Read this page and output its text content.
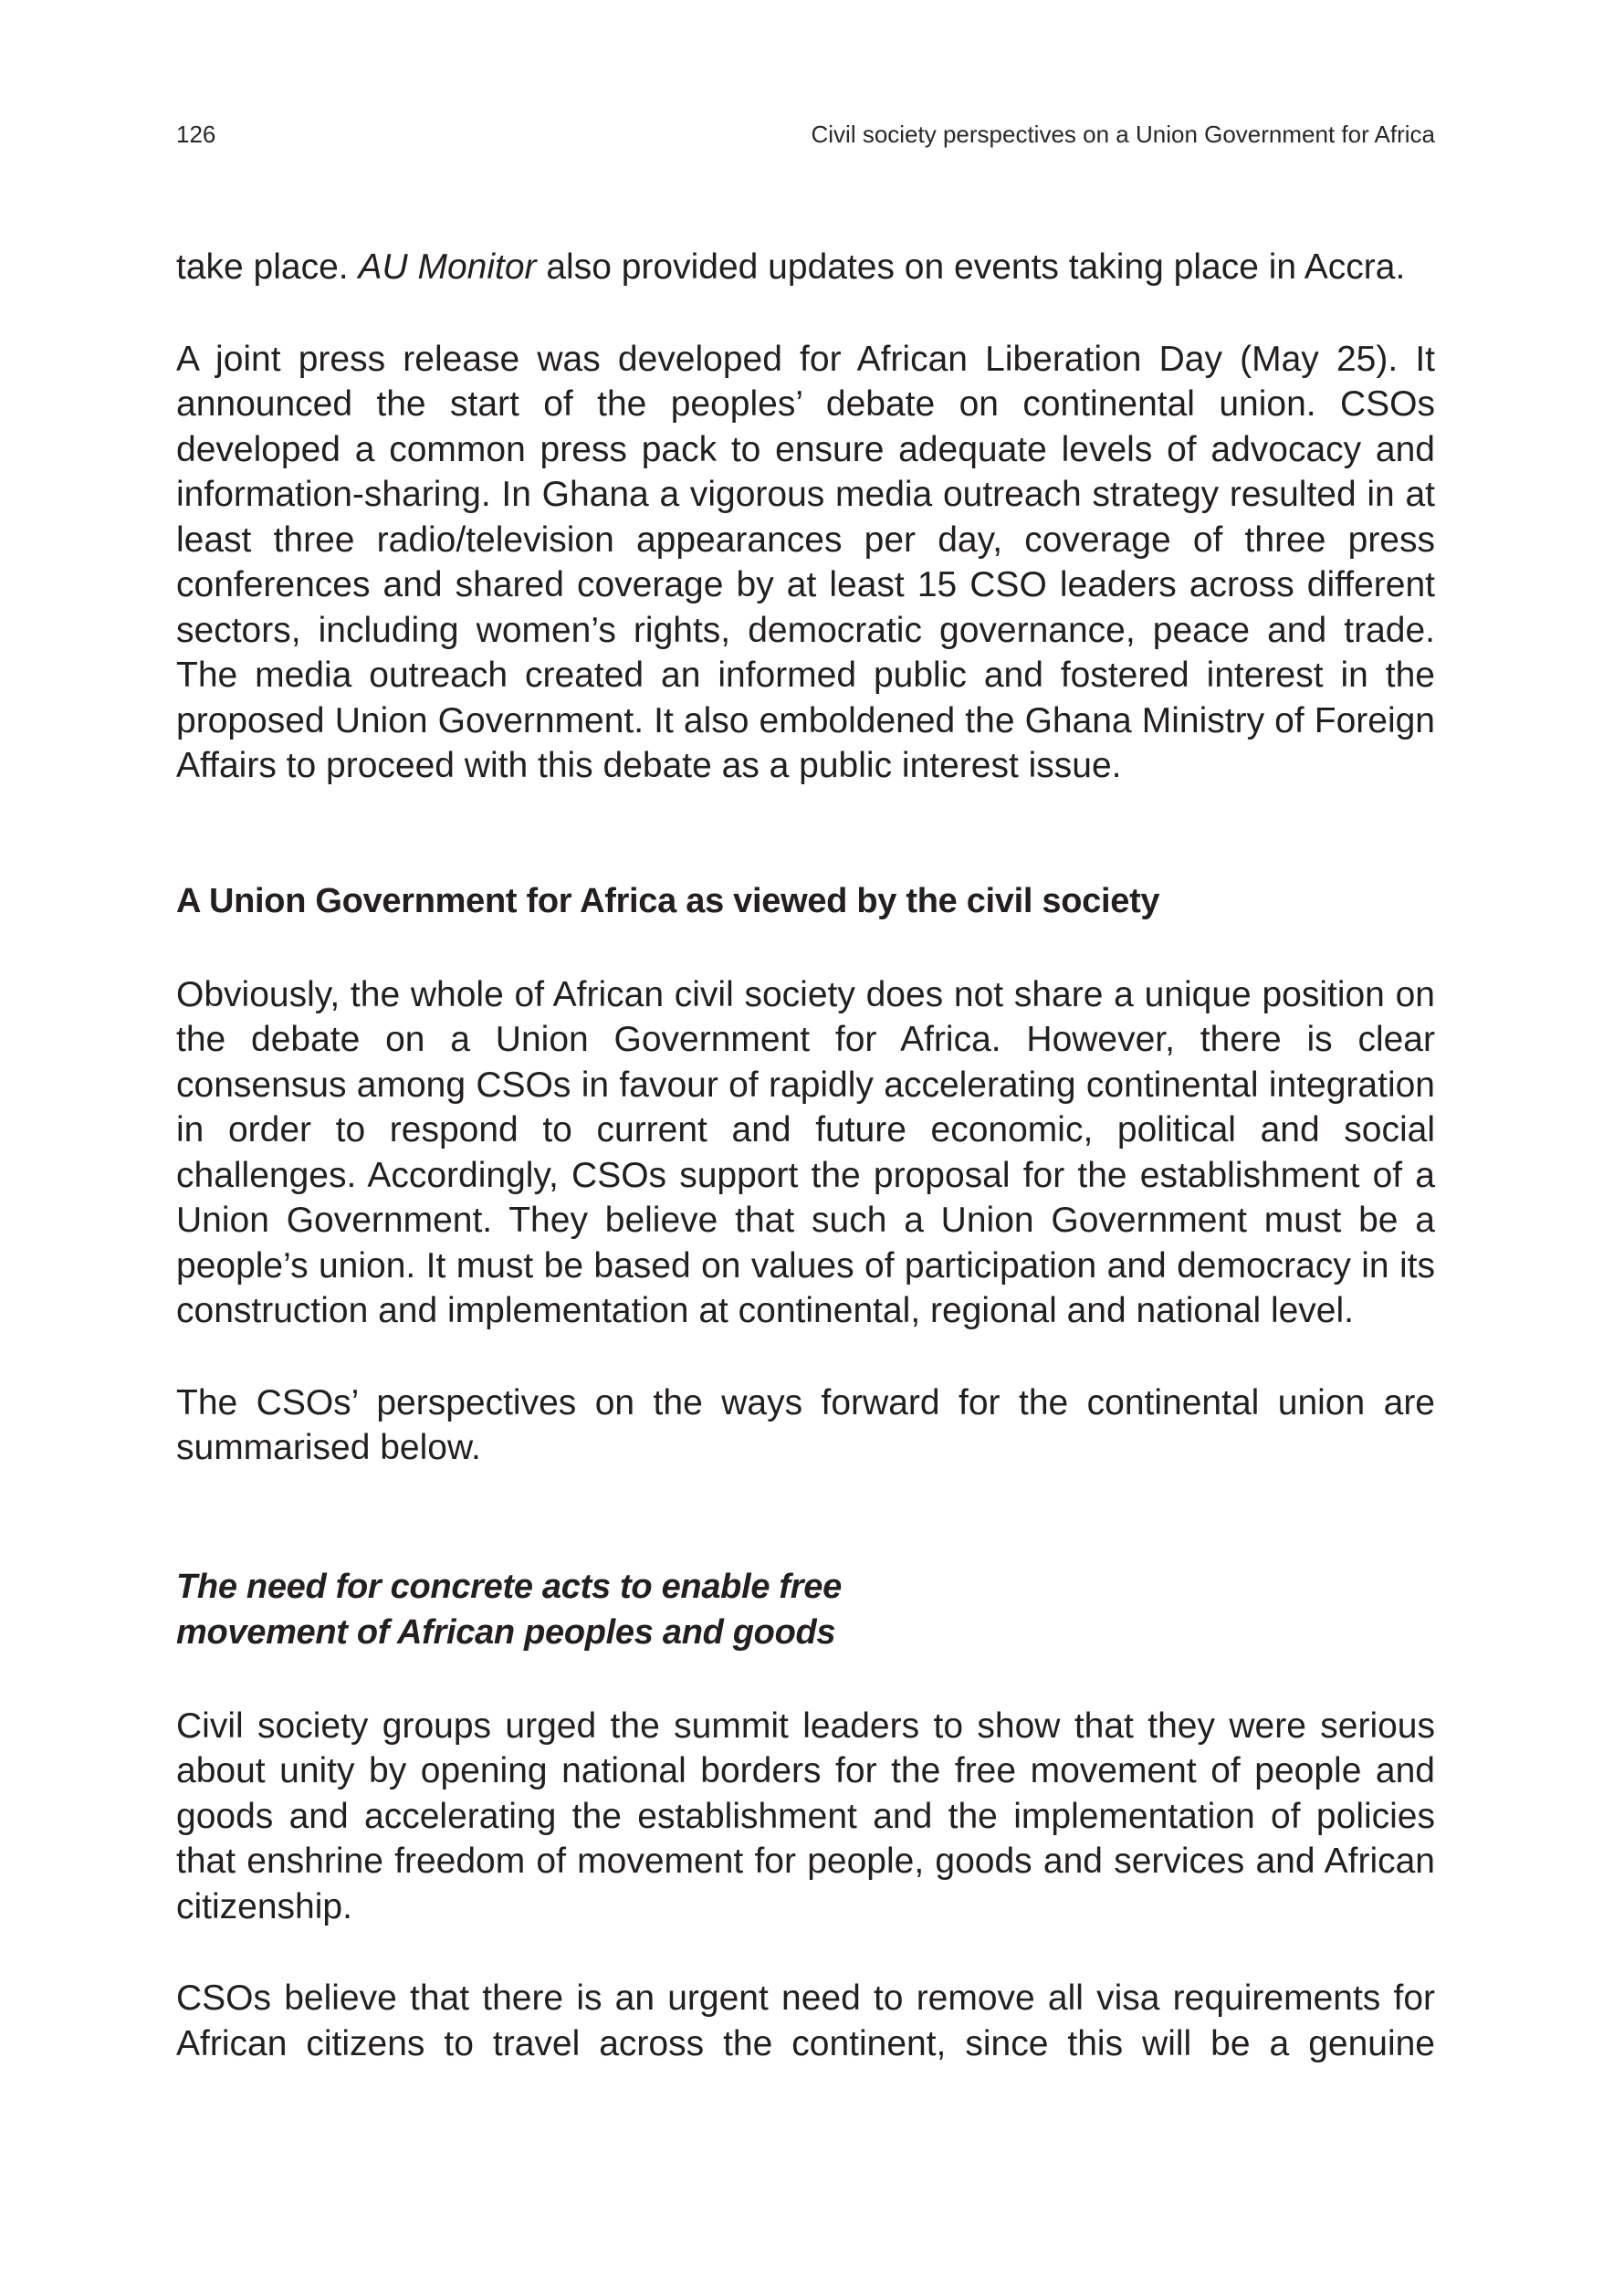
126	Civil society perspectives on a Union Government for Africa

take place. AU Monitor also provided updates on events taking place in Accra.

A joint press release was developed for African Liberation Day (May 25). It announced the start of the peoples’ debate on continental union. CSOs developed a common press pack to ensure adequate levels of advocacy and information-sharing. In Ghana a vigorous media outreach strategy resulted in at least three radio/television appearances per day, coverage of three press conferences and shared coverage by at least 15 CSO leaders across different sectors, including women’s rights, democratic governance, peace and trade. The media outreach created an informed public and fostered interest in the proposed Union Government. It also emboldened the Ghana Ministry of Foreign Affairs to proceed with this debate as a public interest issue.

A Union Government for Africa as viewed by the civil society

Obviously, the whole of African civil society does not share a unique position on the debate on a Union Government for Africa. However, there is clear consensus among CSOs in favour of rapidly accelerating continental integration in order to respond to current and future economic, political and social challenges. Accordingly, CSOs support the proposal for the establishment of a Union Government. They believe that such a Union Government must be a people’s union. It must be based on values of participation and democracy in its construction and implementation at continental, regional and national level.

The CSOs’ perspectives on the ways forward for the continental union are summarised below.

The need for concrete acts to enable free
movement of African peoples and goods

Civil society groups urged the summit leaders to show that they were serious about unity by opening national borders for the free movement of people and goods and accelerating the establishment and the implementation of policies that enshrine freedom of movement for people, goods and services and African citizenship.

CSOs believe that there is an urgent need to remove all visa requirements for African citizens to travel across the continent, since this will be a genuine
